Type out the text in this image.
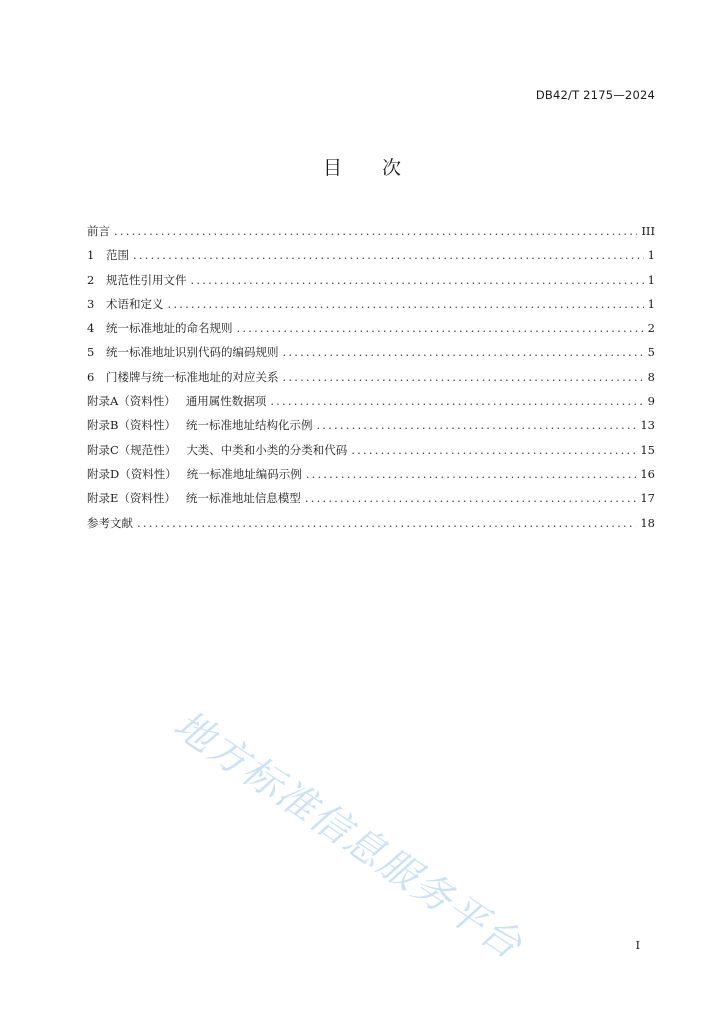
DB42/T 2175—2024
目 次
前言 .....	III
1	范围 .....	1
2	规范性引用文件 .....	1
3	术语和定义 .....	1
4	统一标准地址的命名规则 .....	2
5	统一标准地址识别代码的编码规则 .....	5
6	门楼牌与统一标准地址的对应关系 .....	8
附录A（资料性） 通用属性数据项 .....	9
附录B（资料性） 统一标准地址结构化示例 .....	13
附录C（规范性） 大类、中类和小类的分类和代码 .....	15
附录D（资料性） 统一标准地址编码示例 .....	16
附录E（资料性） 统一标准地址信息模型 .....	17
参考文献 .....	18
地方标准信息服务平台	I
